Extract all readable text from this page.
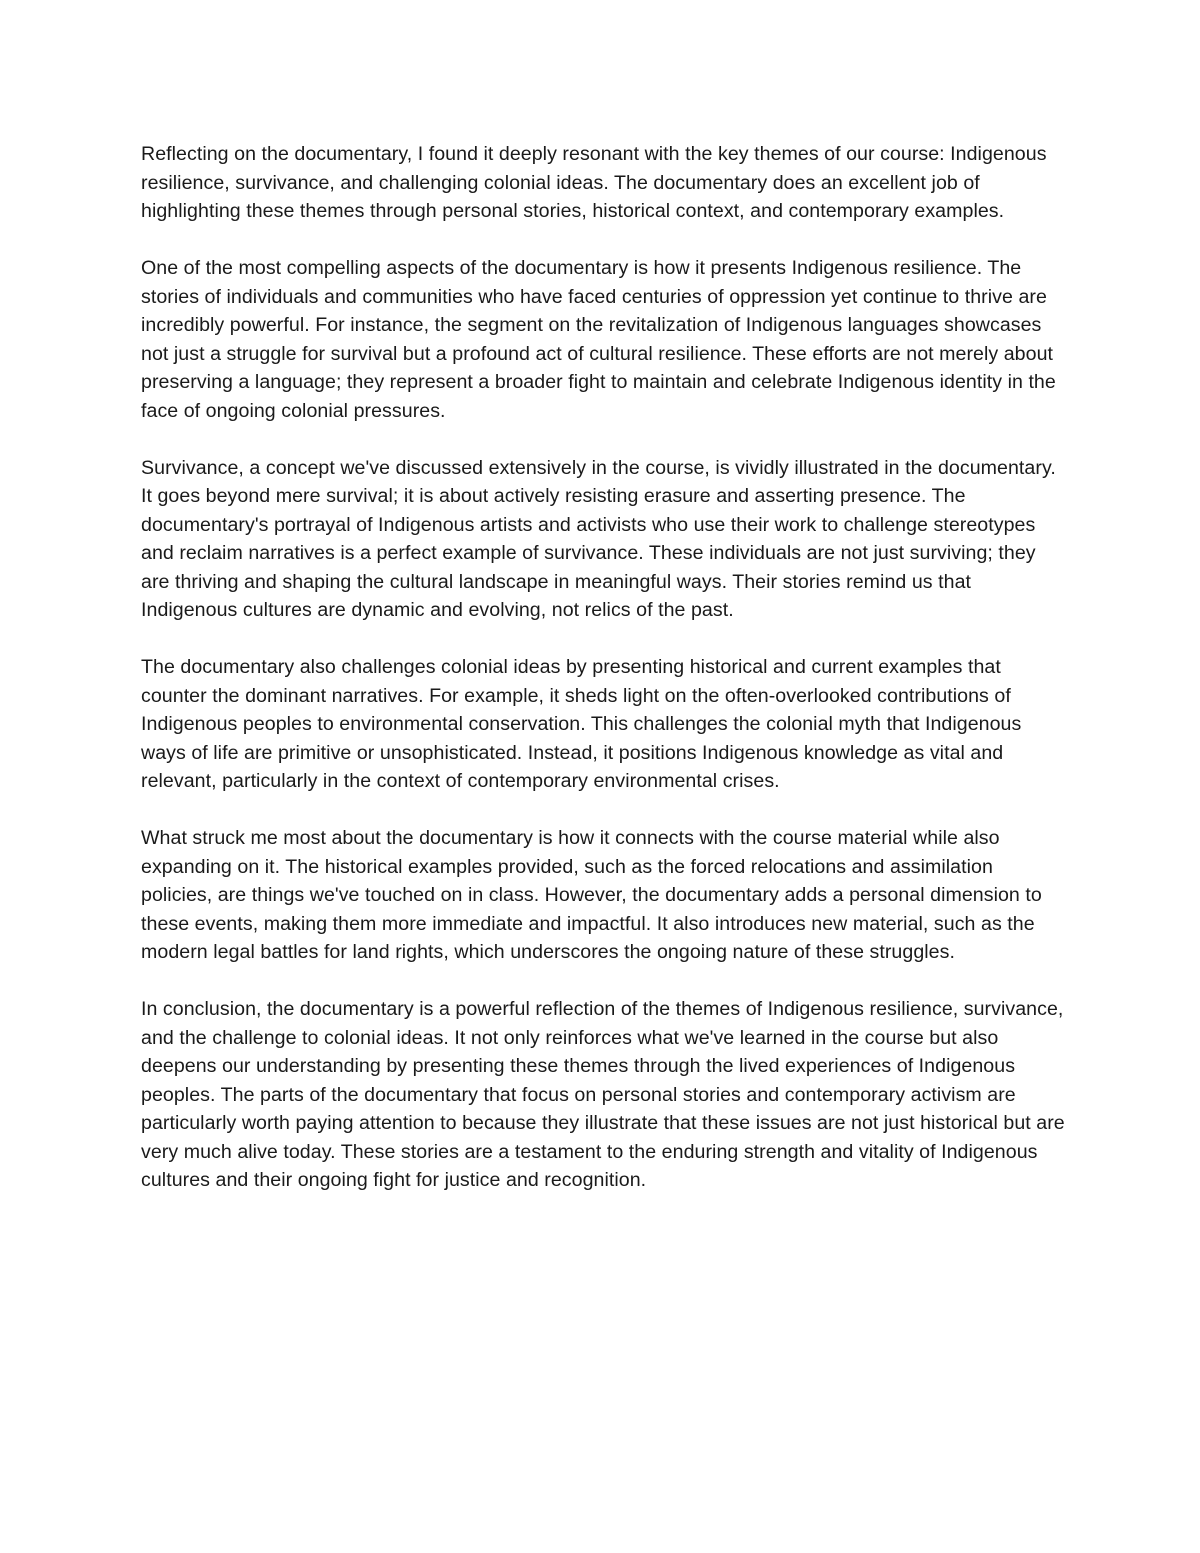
Reflecting on the documentary, I found it deeply resonant with the key themes of our course: Indigenous resilience, survivance, and challenging colonial ideas. The documentary does an excellent job of highlighting these themes through personal stories, historical context, and contemporary examples.

One of the most compelling aspects of the documentary is how it presents Indigenous resilience. The stories of individuals and communities who have faced centuries of oppression yet continue to thrive are incredibly powerful. For instance, the segment on the revitalization of Indigenous languages showcases not just a struggle for survival but a profound act of cultural resilience. These efforts are not merely about preserving a language; they represent a broader fight to maintain and celebrate Indigenous identity in the face of ongoing colonial pressures.

Survivance, a concept we've discussed extensively in the course, is vividly illustrated in the documentary. It goes beyond mere survival; it is about actively resisting erasure and asserting presence. The documentary's portrayal of Indigenous artists and activists who use their work to challenge stereotypes and reclaim narratives is a perfect example of survivance. These individuals are not just surviving; they are thriving and shaping the cultural landscape in meaningful ways. Their stories remind us that Indigenous cultures are dynamic and evolving, not relics of the past.

The documentary also challenges colonial ideas by presenting historical and current examples that counter the dominant narratives. For example, it sheds light on the often-overlooked contributions of Indigenous peoples to environmental conservation. This challenges the colonial myth that Indigenous ways of life are primitive or unsophisticated. Instead, it positions Indigenous knowledge as vital and relevant, particularly in the context of contemporary environmental crises.

What struck me most about the documentary is how it connects with the course material while also expanding on it. The historical examples provided, such as the forced relocations and assimilation policies, are things we've touched on in class. However, the documentary adds a personal dimension to these events, making them more immediate and impactful. It also introduces new material, such as the modern legal battles for land rights, which underscores the ongoing nature of these struggles.

In conclusion, the documentary is a powerful reflection of the themes of Indigenous resilience, survivance, and the challenge to colonial ideas. It not only reinforces what we've learned in the course but also deepens our understanding by presenting these themes through the lived experiences of Indigenous peoples. The parts of the documentary that focus on personal stories and contemporary activism are particularly worth paying attention to because they illustrate that these issues are not just historical but are very much alive today. These stories are a testament to the enduring strength and vitality of Indigenous cultures and their ongoing fight for justice and recognition.
